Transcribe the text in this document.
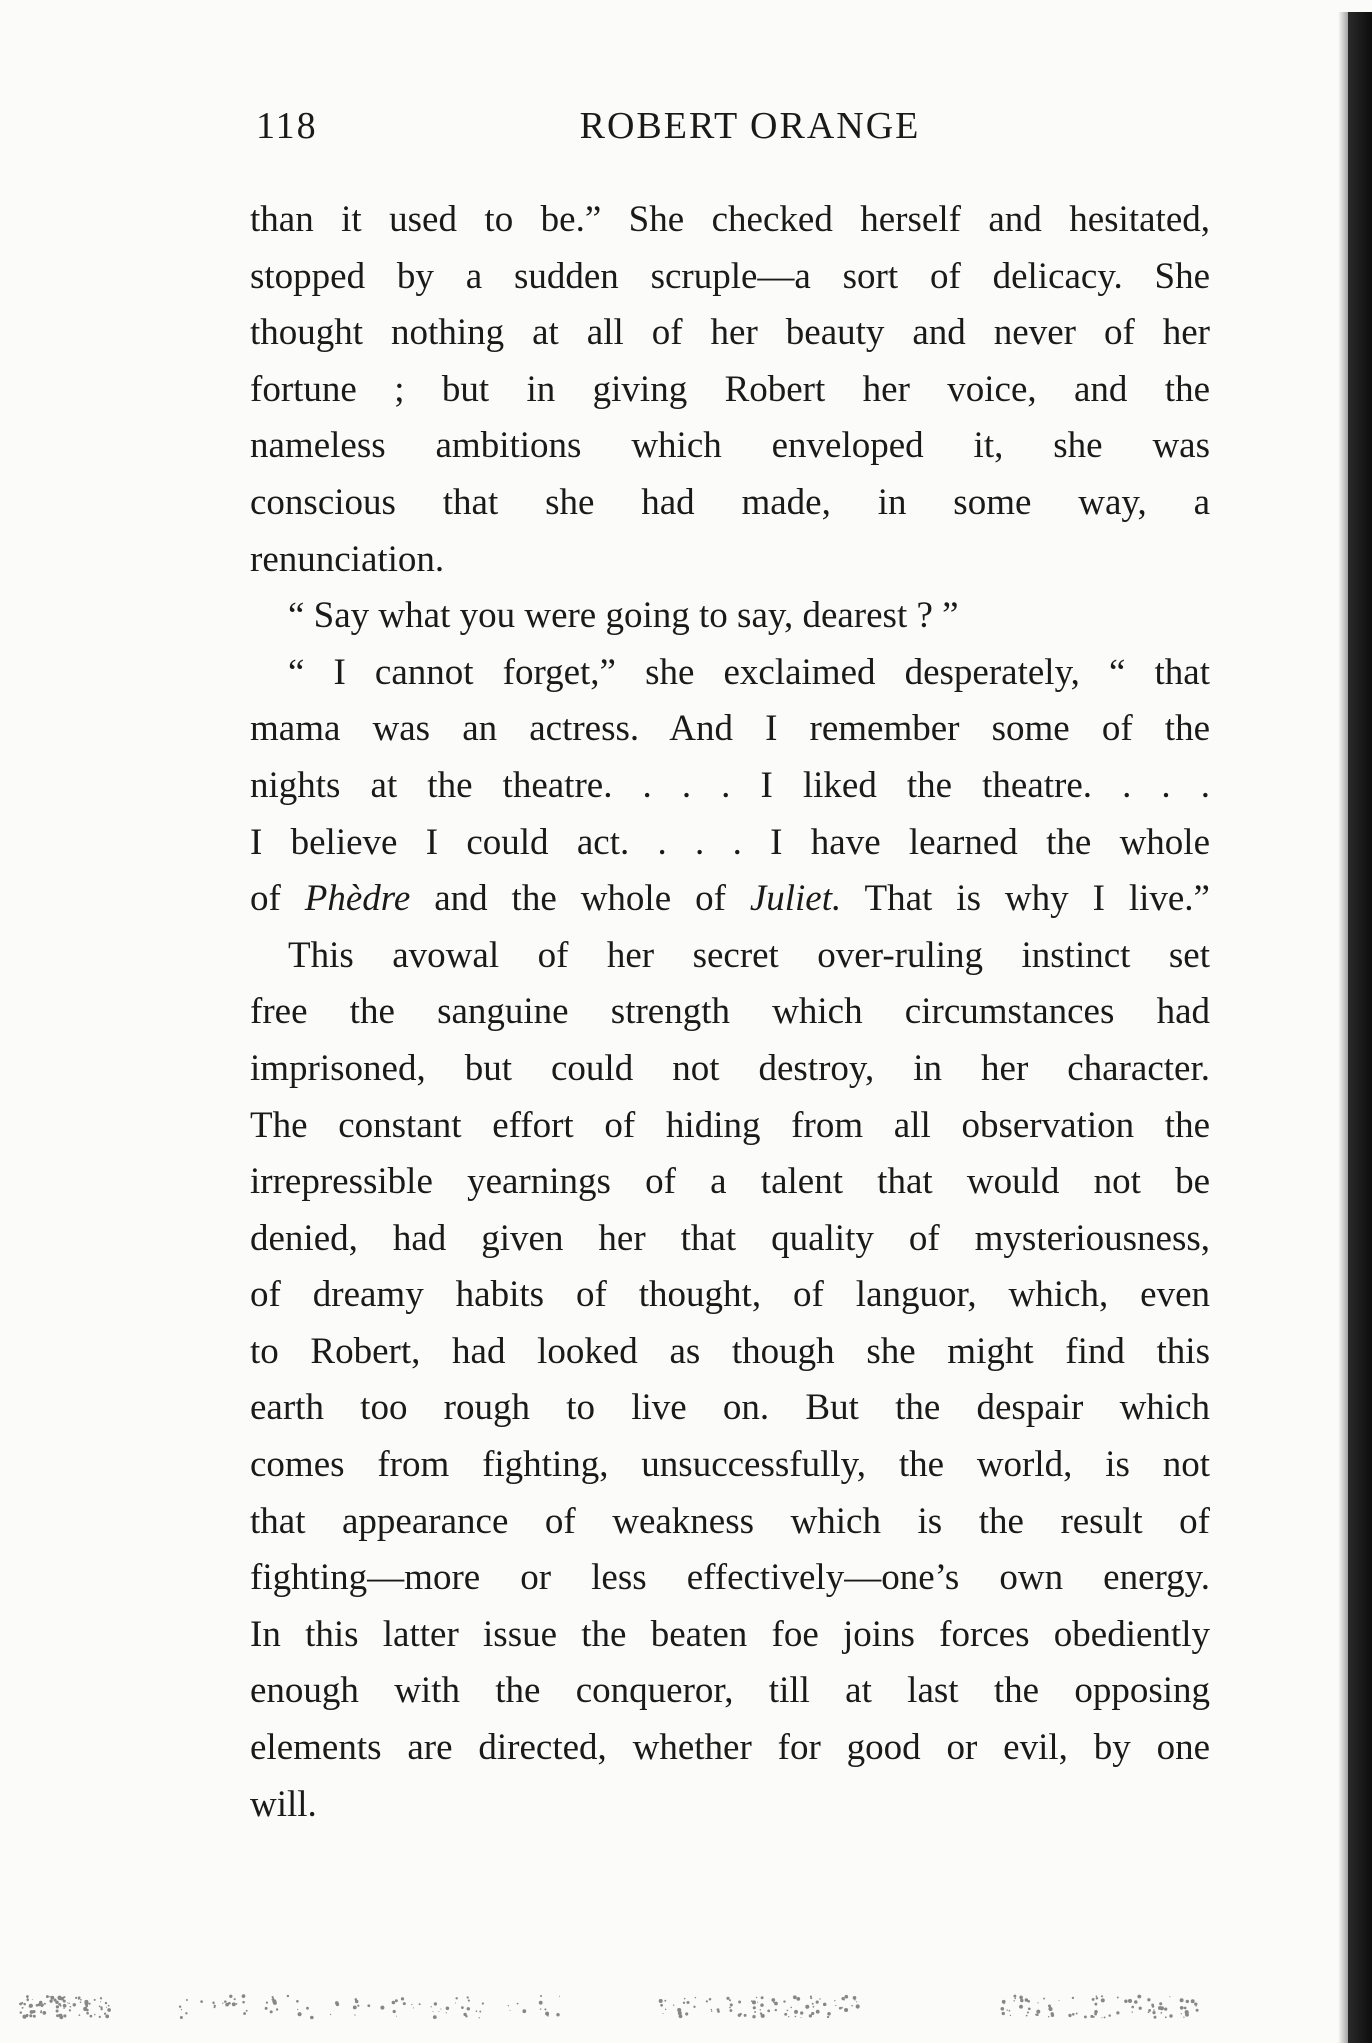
118	ROBERT ORANGE
than it used to be.” She checked herself and hesitated,
stopped by a sudden scruple—a sort of delicacy. She
thought nothing at all of her beauty and never of her
fortune ; but in giving Robert her voice, and the
nameless ambitions which enveloped it, she was
conscious that she had made, in some way, a
renunciation.
“ Say what you were going to say, dearest ? ”
“ I cannot forget,” she exclaimed desperately, “ that
mama was an actress. And I remember some of the
nights at the theatre. . . . I liked the theatre. . . .
I believe I could act. . . . I have learned the whole
of Phèdre and the whole of Juliet. That is why I live.”
This avowal of her secret over-ruling instinct set
free the sanguine strength which circumstances had
imprisoned, but could not destroy, in her character.
The constant effort of hiding from all observation the
irrepressible yearnings of a talent that would not be
denied, had given her that quality of mysteriousness,
of dreamy habits of thought, of languor, which, even
to Robert, had looked as though she might find this
earth too rough to live on. But the despair which
comes from fighting, unsuccessfully, the world, is not
that appearance of weakness which is the result of
fighting—more or less effectively—one’s own energy.
In this latter issue the beaten foe joins forces obediently
enough with the conqueror, till at last the opposing
elements are directed, whether for good or evil, by one
will.
